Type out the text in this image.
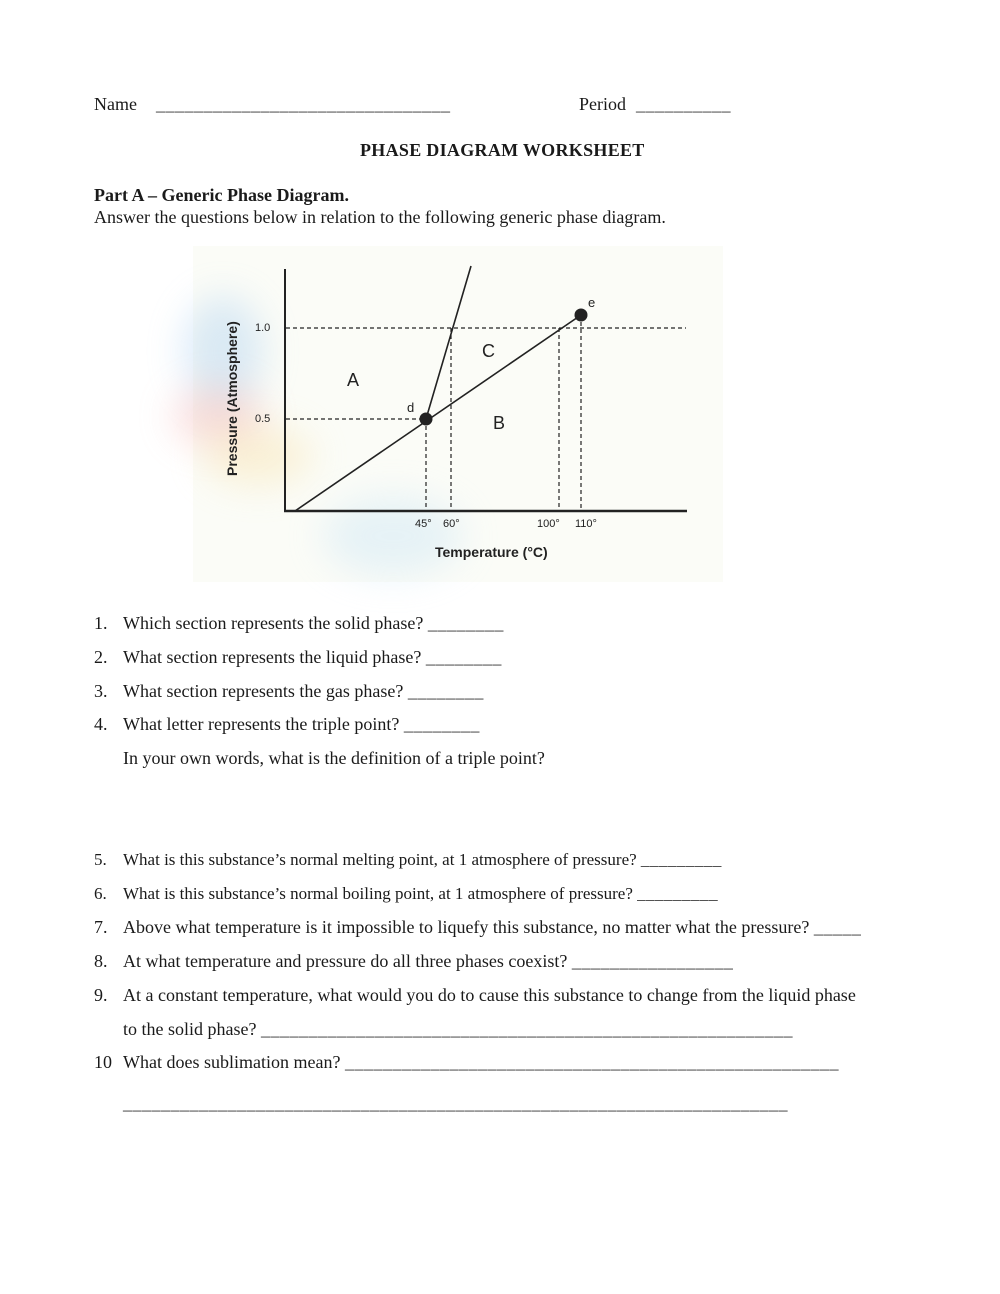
Name _______________________________	Period __________
PHASE DIAGRAM WORKSHEET
Part A – Generic Phase Diagram.
Answer the questions below in relation to the following generic phase diagram.
1.0
0.5
45° 60°	100° 110°
Temperature (°C)
Pressure (Atmosphere)	A
B
C
d
e
1. Which section represents the solid phase? ________
2. What section represents the liquid phase? ________
3. What section represents the gas phase? ________
4. What letter represents the triple point? ________
In your own words, what is the definition of a triple point?
5. What is this substance’s normal melting point, at 1 atmosphere of pressure? _________
6. What is this substance’s normal boiling point, at 1 atmosphere of pressure? _________
7. Above what temperature is it impossible to liquefy this substance, no matter what the pressure? _____
8. At what temperature and pressure do all three phases coexist? _________________
9. At a constant temperature, what would you do to cause this substance to change from the liquid phase
to the solid phase? ________________________________________________________
10 What does sublimation mean? ____________________________________________________
______________________________________________________________________
